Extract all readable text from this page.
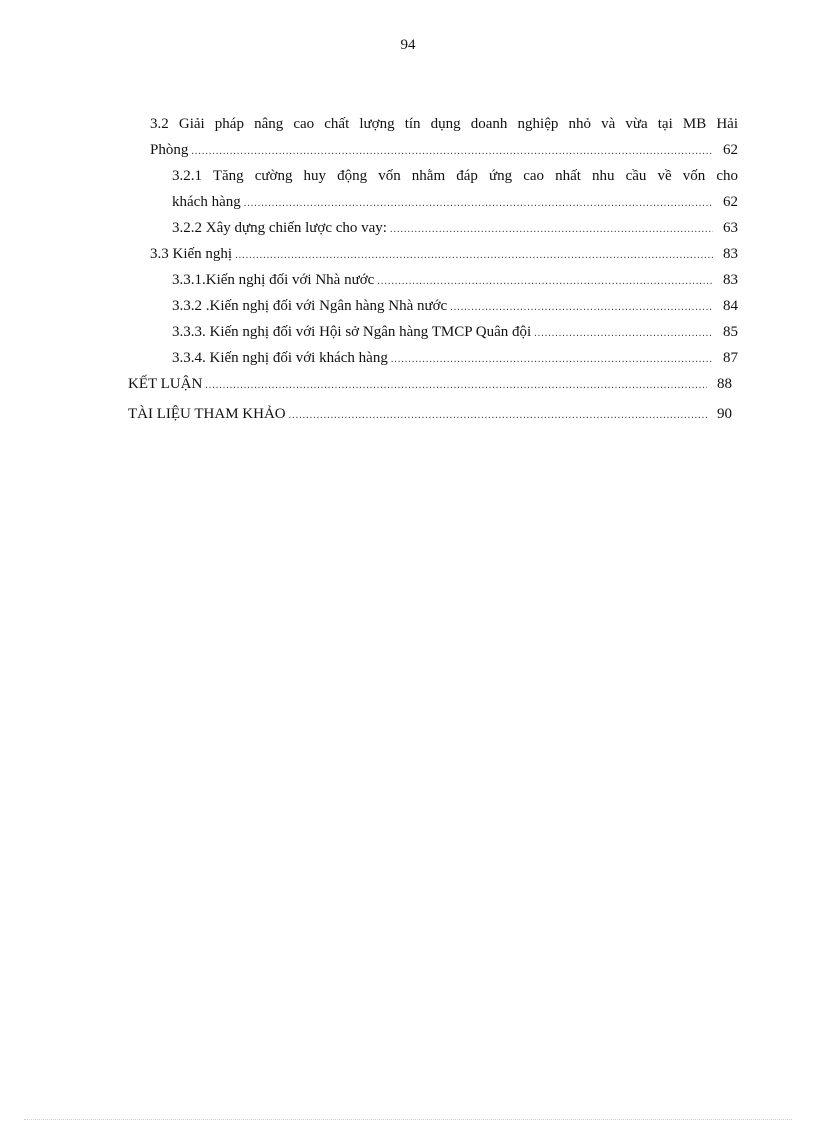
94
3.2 Giải pháp nâng cao chất lượng tín dụng doanh nghiệp nhỏ và vừa tại MB Hải
Phòng .....	62
3.2.1 Tăng cường huy động vốn nhằm đáp ứng cao nhất nhu cầu về vốn cho
khách hàng .....	62
3.2.2 Xây dựng chiến lược cho vay: .....	63
3.3 Kiến nghị .....	83
3.3.1.Kiến nghị đối với Nhà nước .....	83
3.3.2 .Kiến nghị đối với Ngân hàng Nhà nước .....	84
3.3.3. Kiến nghị đối với Hội sở Ngân hàng TMCP Quân đội .....	85
3.3.4. Kiến nghị đối với khách hàng .....	87
KẾT LUẬN .....	88
TÀI LIỆU THAM KHẢO .....	90
